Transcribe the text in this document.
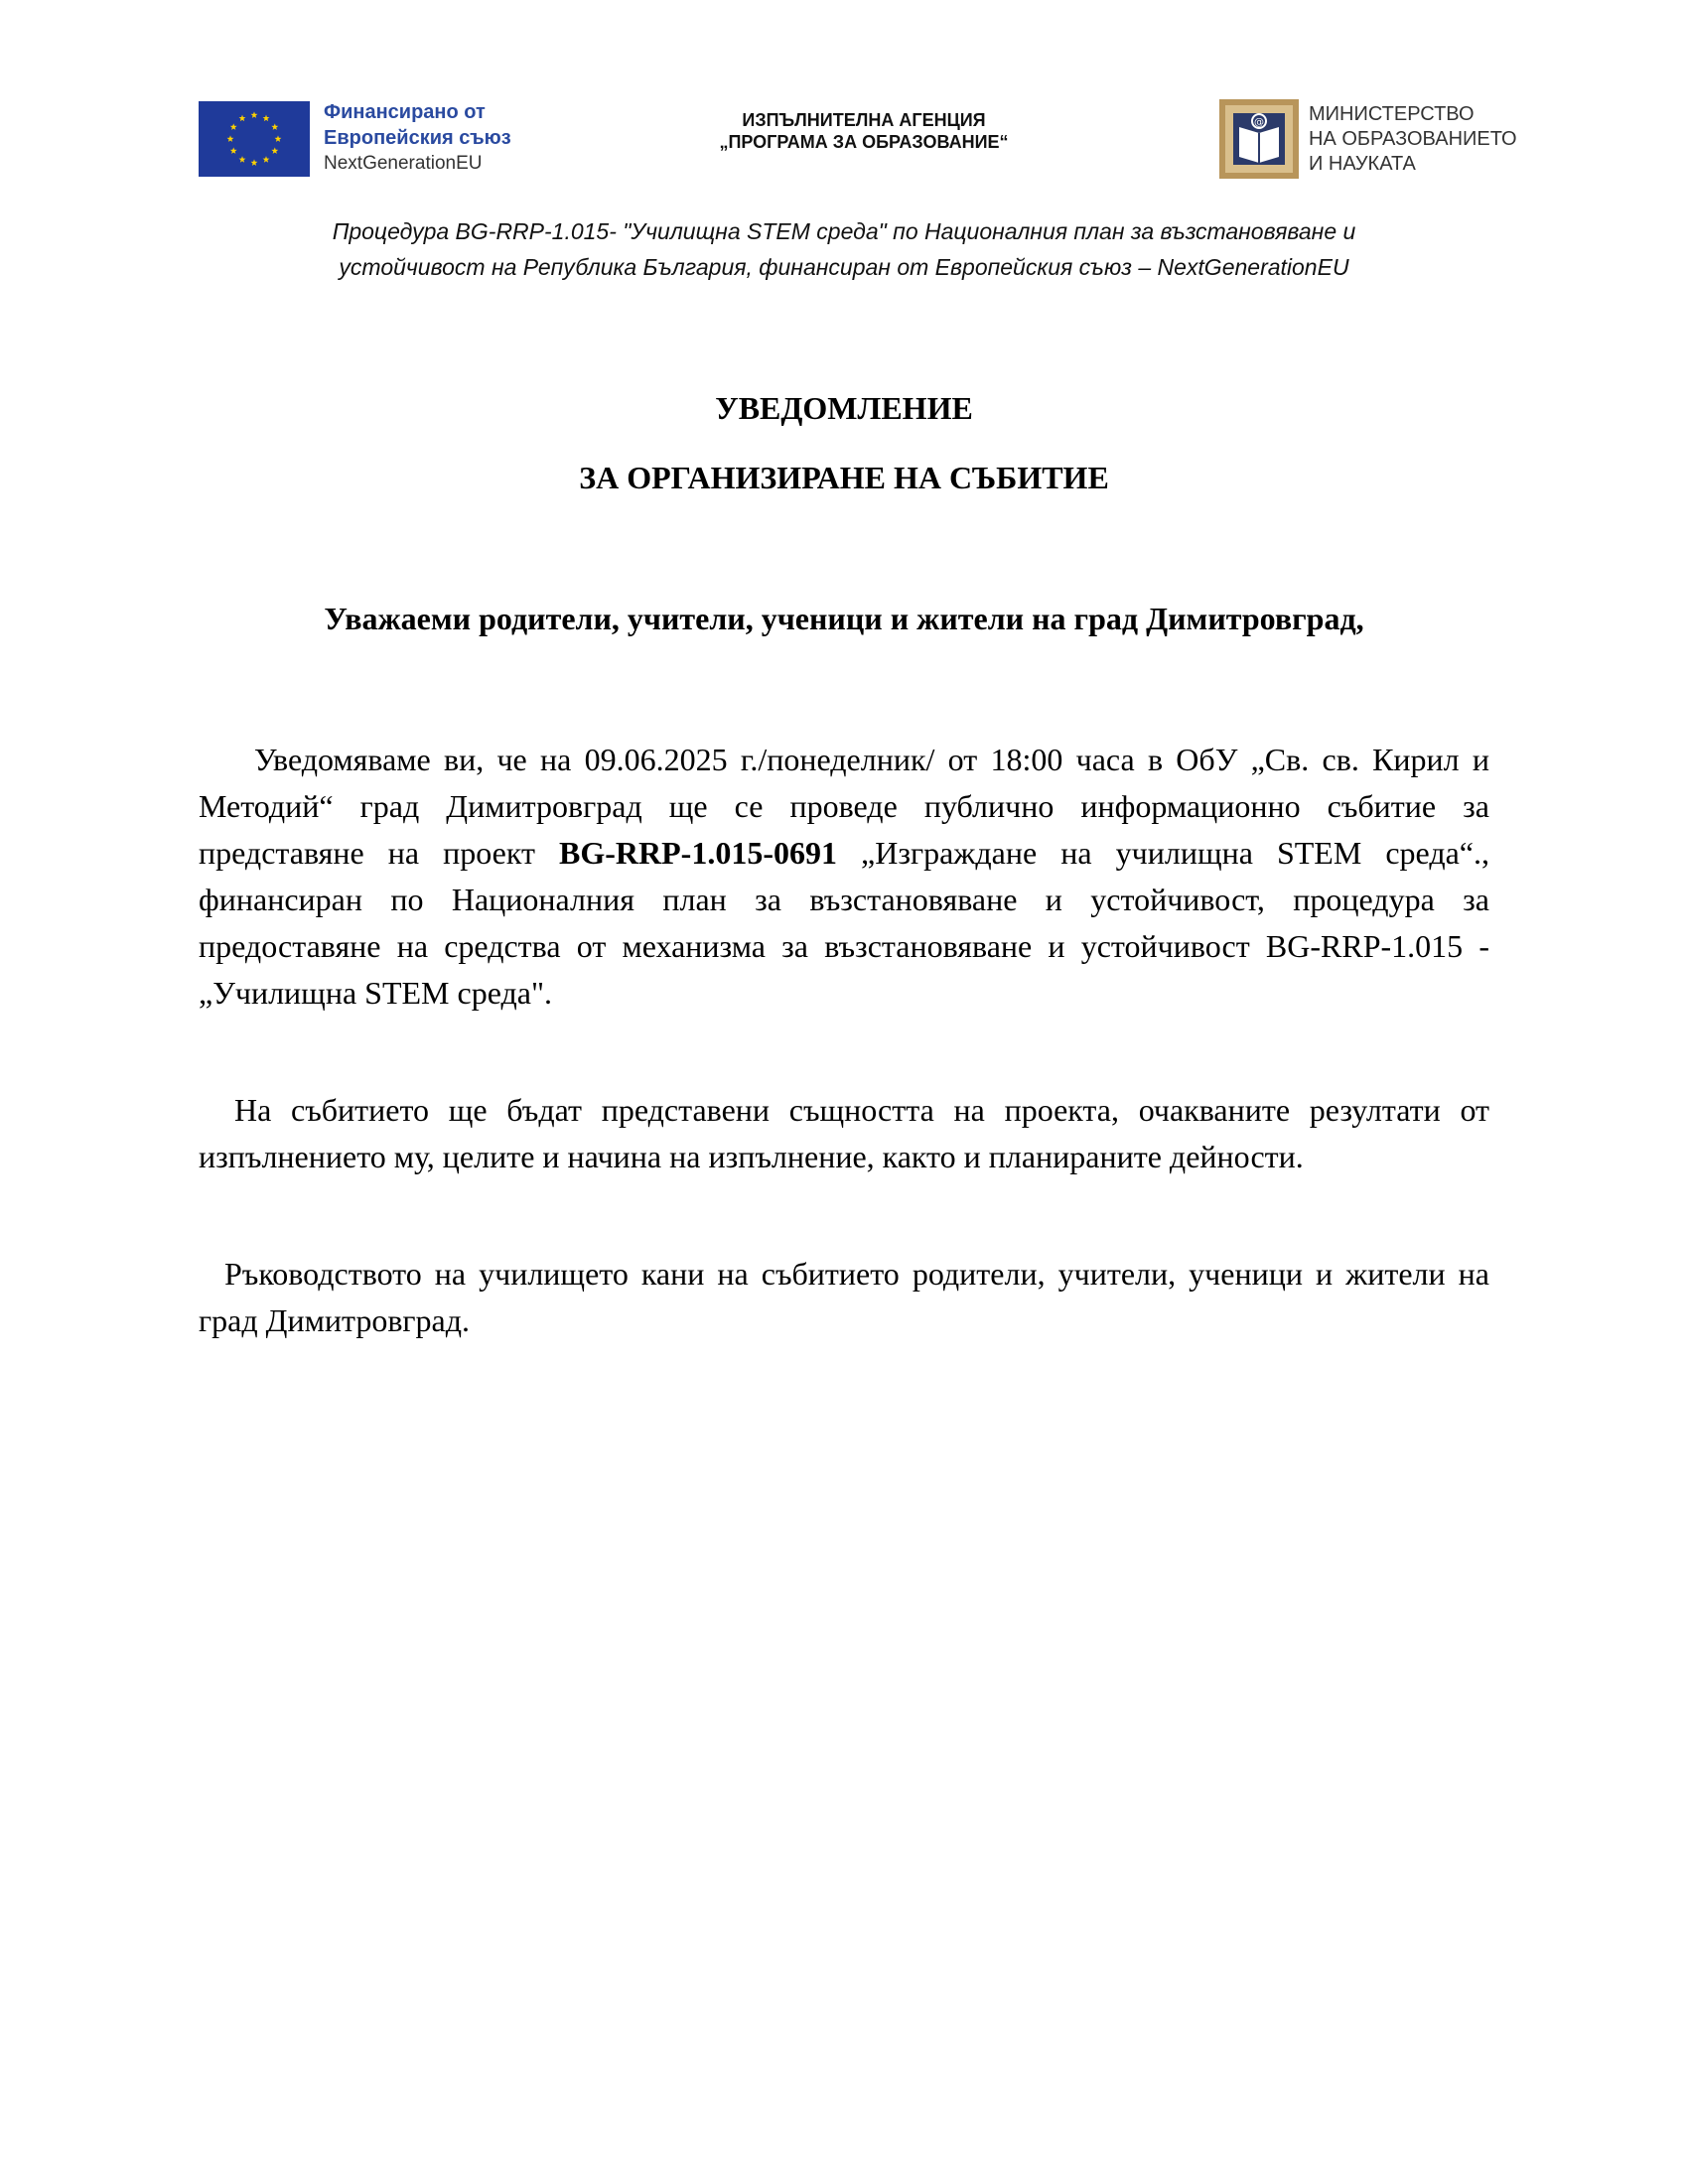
Финансирано от
Европейския съюз
NextGenerationEU
ИЗПЪЛНИТЕЛНА АГЕНЦИЯ
„ПРОГРАМА ЗА ОБРАЗОВАНИЕ“
@ МИНИСТЕРСТВО
НА ОБРАЗОВАНИЕТО
И НАУКАТА
Процедура BG-RRP-1.015- "Училищна STEM среда" по Националния план за възстановяване и
устойчивост на Република България, финансиран от Европейския съюз – NextGenerationEU
УВЕДОМЛЕНИЕ
ЗА ОРГАНИЗИРАНЕ НА СЪБИТИЕ
Уважаеми родители, учители, ученици и жители на град Димитровград,
Уведомяваме ви, че на 09.06.2025 г./понеделник/ от 18:00 часа в ОбУ „Св. св. Кирил и Методий“ град Димитровград ще се проведе публично информационно събитие за представяне на проект BG-RRP-1.015-0691 „Изграждане на училищна STEM среда“., финансиран по Националния план за възстановяване и устойчивост, процедура за предоставяне на средства от механизма за възстановяване и устойчивост BG-RRP-1.015 - „Училищна STEM среда".
На събитието ще бъдат представени същността на проекта, очакваните резултати от изпълнението му, целите и начина на изпълнение, както и планираните дейности.
Ръководството на училището кани на събитието родители, учители, ученици и жители на град Димитровград.
